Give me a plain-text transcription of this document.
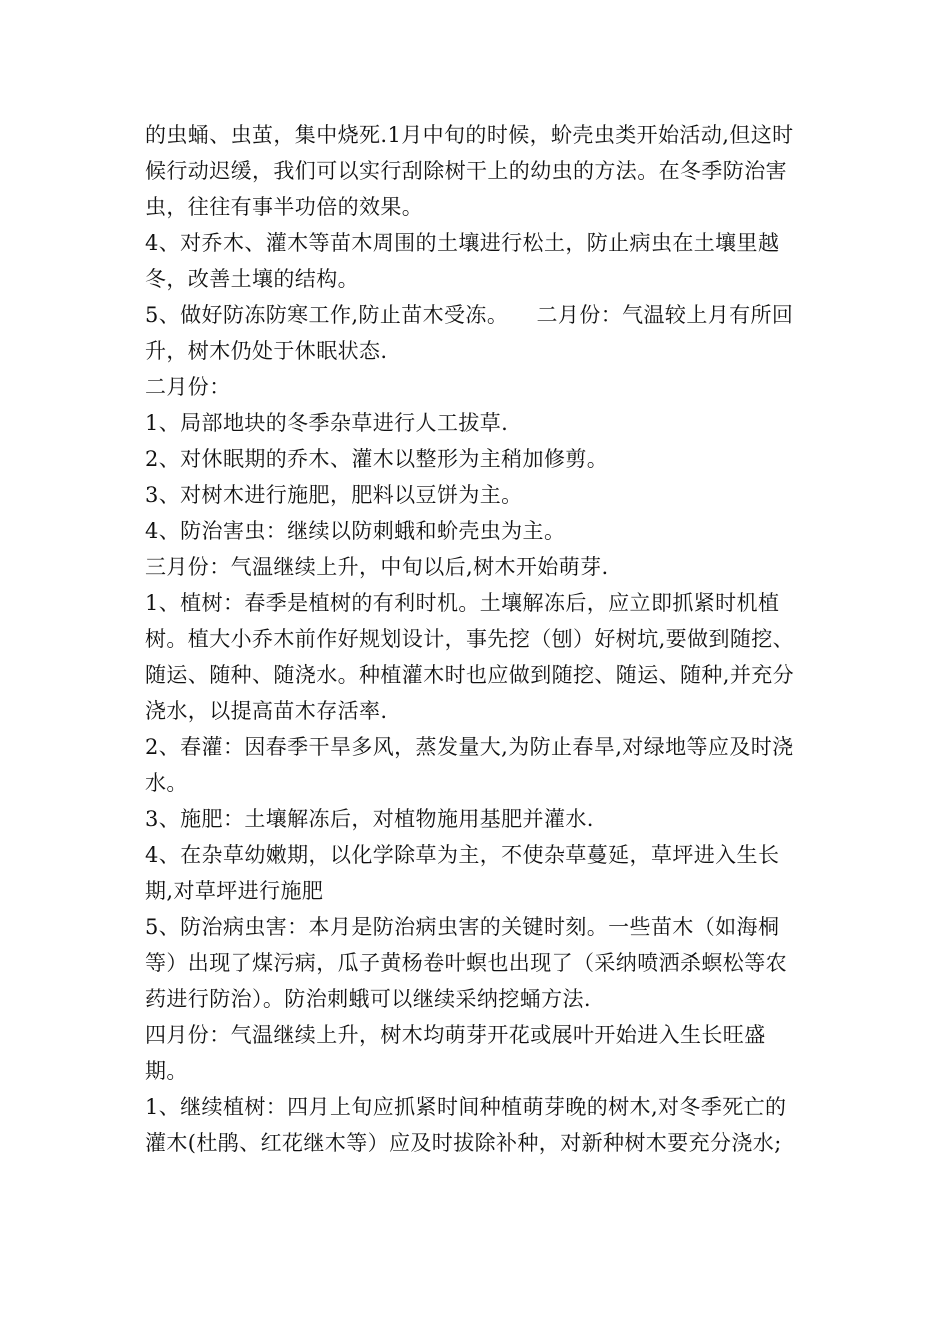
的虫蛹、虫茧，集中烧死.1月中旬的时候，蚧壳虫类开始活动,但这时候行动迟缓，我们可以实行刮除树干上的幼虫的方法。在冬季防治害虫，往往有事半功倍的效果。

4、对乔木、灌木等苗木周围的土壤进行松土，防止病虫在土壤里越冬，改善土壤的结构。

5、做好防冻防寒工作,防止苗木受冻。    二月份：气温较上月有所回升，树木仍处于休眠状态.

二月份：

1、局部地块的冬季杂草进行人工拔草.

2、对休眠期的乔木、灌木以整形为主稍加修剪。

3、对树木进行施肥，肥料以豆饼为主。

4、防治害虫：继续以防刺蛾和蚧壳虫为主。

三月份：气温继续上升，中旬以后,树木开始萌芽.

1、植树：春季是植树的有利时机。土壤解冻后，应立即抓紧时机植树。植大小乔木前作好规划设计，事先挖（刨）好树坑,要做到随挖、随运、随种、随浇水。种植灌木时也应做到随挖、随运、随种,并充分浇水，以提高苗木存活率.

2、春灌：因春季干旱多风，蒸发量大,为防止春旱,对绿地等应及时浇水。

3、施肥：土壤解冻后，对植物施用基肥并灌水.

4、在杂草幼嫩期，以化学除草为主，不使杂草蔓延，草坪进入生长期,对草坪进行施肥

5、防治病虫害：本月是防治病虫害的关键时刻。一些苗木（如海桐等）出现了煤污病，瓜子黄杨卷叶螟也出现了（采纳喷洒杀螟松等农药进行防治）。防治刺蛾可以继续采纳挖蛹方法.

四月份：气温继续上升，树木均萌芽开花或展叶开始进入生长旺盛期。

1、继续植树：四月上旬应抓紧时间种植萌芽晚的树木,对冬季死亡的灌木(杜鹃、红花继木等）应及时拔除补种，对新种树木要充分浇水;
